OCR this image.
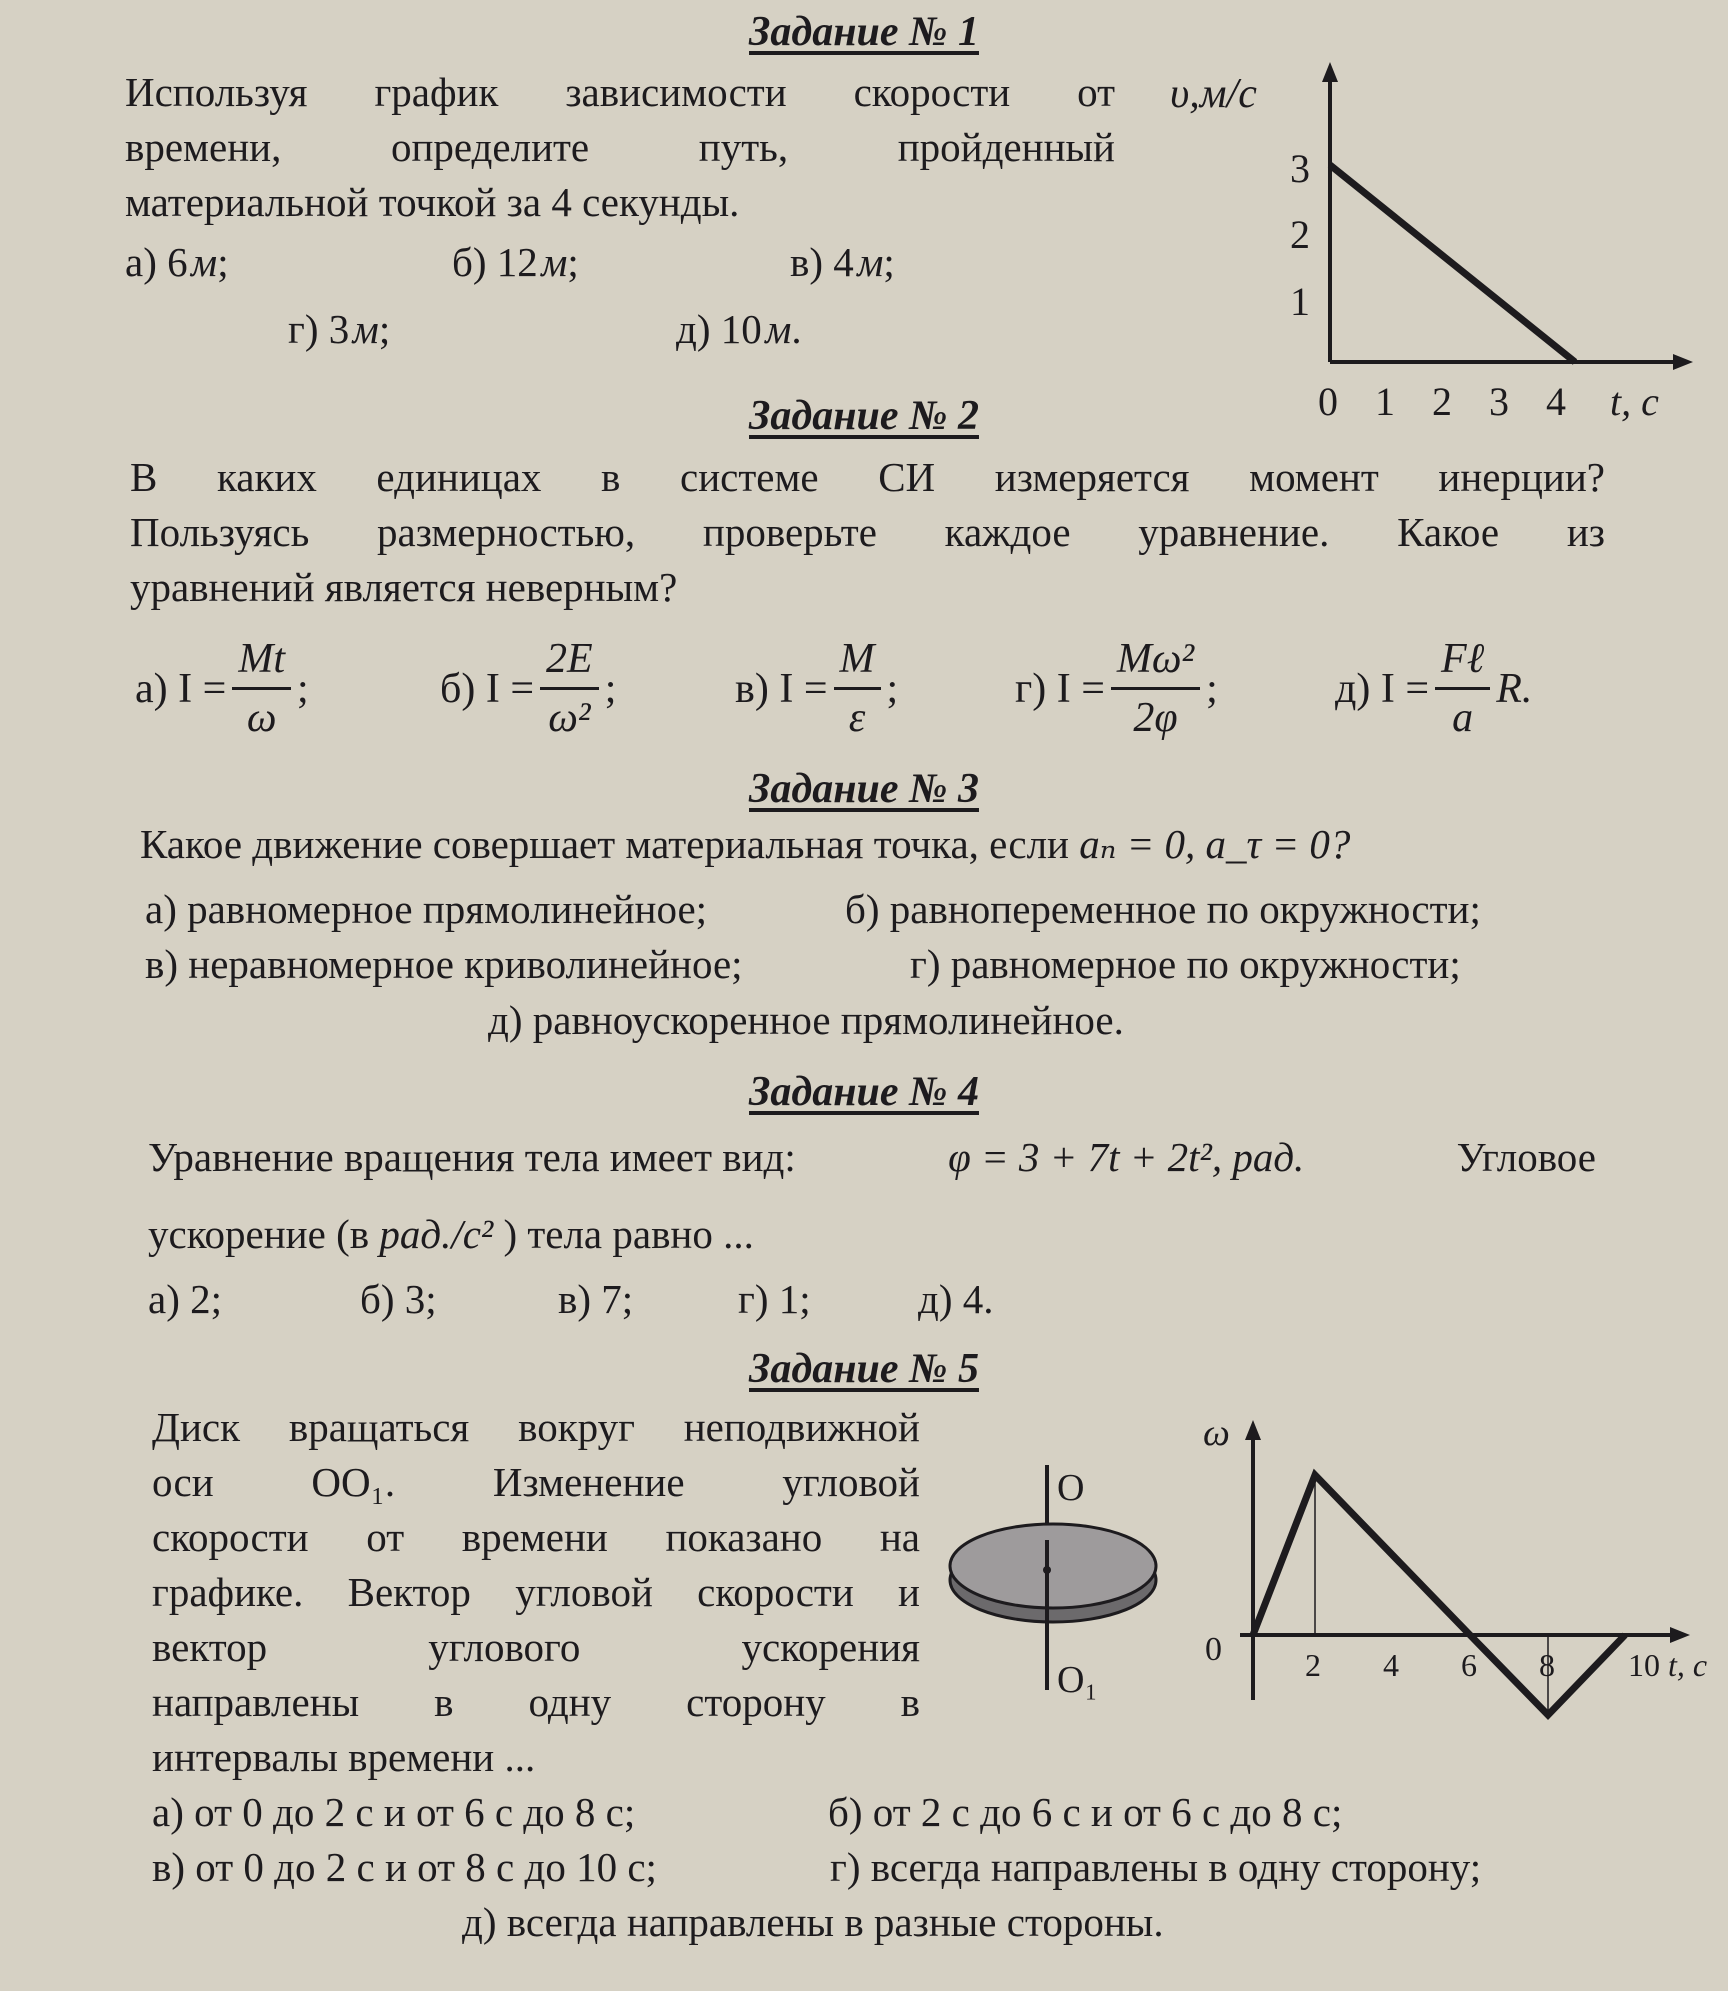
Задание № 1
Используя график зависимости скорости от
времени, определите путь, пройденный
материальной точкой за 4 секунды.
а) 6 м;	б) 12 м;	в) 4 м;
г) 3 м;	д) 10 м.
υ,м/с
3
2
1
0 1 2 3 4 t, c
Задание № 2
В каких единицах в системе СИ измеряется момент инерции?
Пользуясь размерностью, проверьте каждое уравнение. Какое из
уравнений является неверным?
а)
$I = \frac{Mt}{\omega}$ ;	б)
$I = \frac{2E}{\text{ω²}}$ ;	в)
$I = \frac{M}{\varepsilon}$ ;	г)
$I = \frac{\text{Mω²}}{2\varphi}$ ;	д)
$I = \frac{\text{Fℓ}}{a} R$.
Задание № 3
Какое движение совершает материальная точка, если aₙ = 0, a_τ = 0?
а) равномерное прямолинейное;	б) равнопеременное по окружности;
в) неравномерное криволинейное;	г) равномерное по окружности;
д) равноускоренное прямолинейное.
Задание № 4
Уравнение вращения тела имеет вид:	φ = 3 + 7t + 2t², рад.	Угловое
ускорение (в рад./с² ) тела равно ...
а) 2;	б) 3;	в) 7;	г) 1;	д) 4.
Задание № 5
Диск вращаться вокруг неподвижной
оси ОО₁. Изменение угловой
скорости от времени показано на
графике. Вектор угловой скорости и
вектор углового ускорения
направлены в одну сторону в
интервалы времени ...
O
O₁
ω
0	2 4 6 8 10 t, c
а) от 0 до 2 с и от 6 с до 8 с;	б) от 2 с до 6 с и от 6 с до 8 с;
в) от 0 до 2 с и от 8 с до 10 с;	г) всегда направлены в одну сторону;
д) всегда направлены в разные стороны.
